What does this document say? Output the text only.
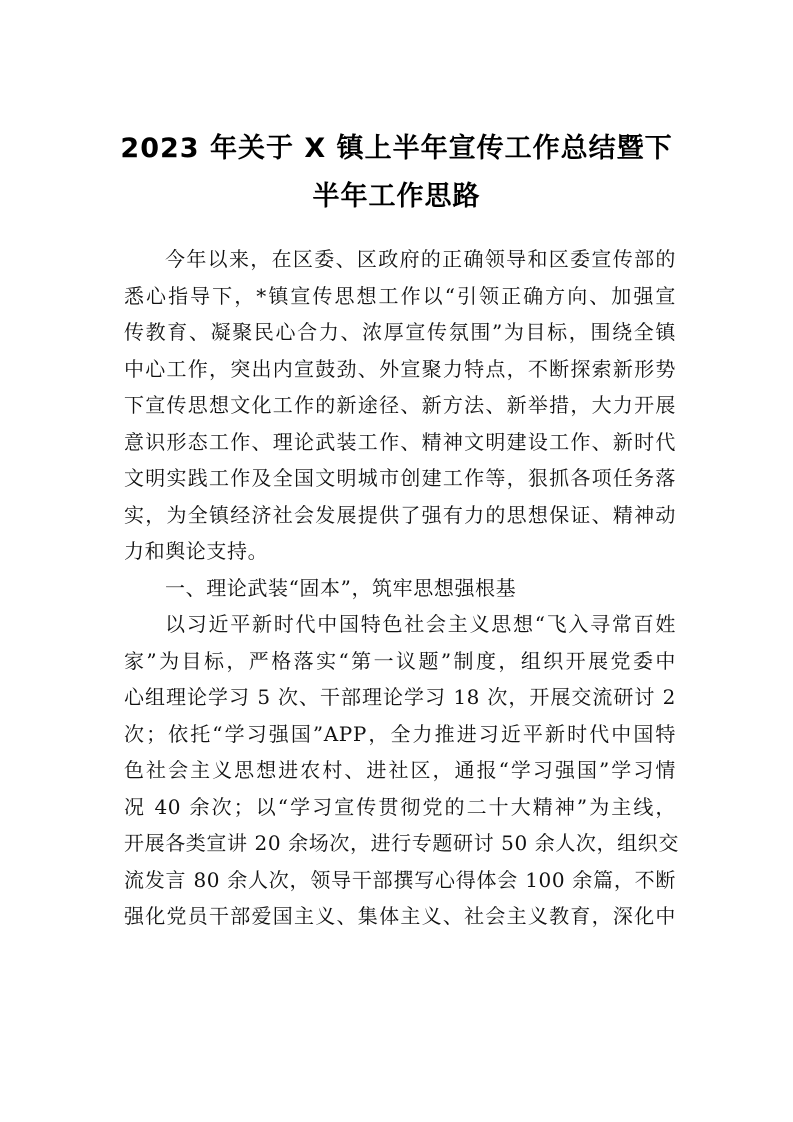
2023 年关于 X 镇上半年宣传工作总结暨下
半年工作思路
今年以来，在区委、区政府的正确领导和区委宣传部的
悉心指导下，*镇宣传思想工作以“引领正确方向、加强宣
传教育、凝聚民心合力、浓厚宣传氛围”为目标，围绕全镇
中心工作，突出内宣鼓劲、外宣聚力特点，不断探索新形势
下宣传思想文化工作的新途径、新方法、新举措，大力开展
意识形态工作、理论武装工作、精神文明建设工作、新时代
文明实践工作及全国文明城市创建工作等，狠抓各项任务落
实，为全镇经济社会发展提供了强有力的思想保证、精神动
力和舆论支持。
一、理论武装“固本”，筑牢思想强根基
以习近平新时代中国特色社会主义思想“飞入寻常百姓
家”为目标，严格落实“第一议题”制度，组织开展党委中
心组理论学习 5 次、干部理论学习 18 次，开展交流研讨 2
次；依托“学习强国”APP，全力推进习近平新时代中国特
色社会主义思想进农村、进社区，通报“学习强国”学习情
况 40 余次；以“学习宣传贯彻党的二十大精神”为主线，
开展各类宣讲 20 余场次，进行专题研讨 50 余人次，组织交
流发言 80 余人次，领导干部撰写心得体会 100 余篇，不断
强化党员干部爱国主义、集体主义、社会主义教育，深化中
